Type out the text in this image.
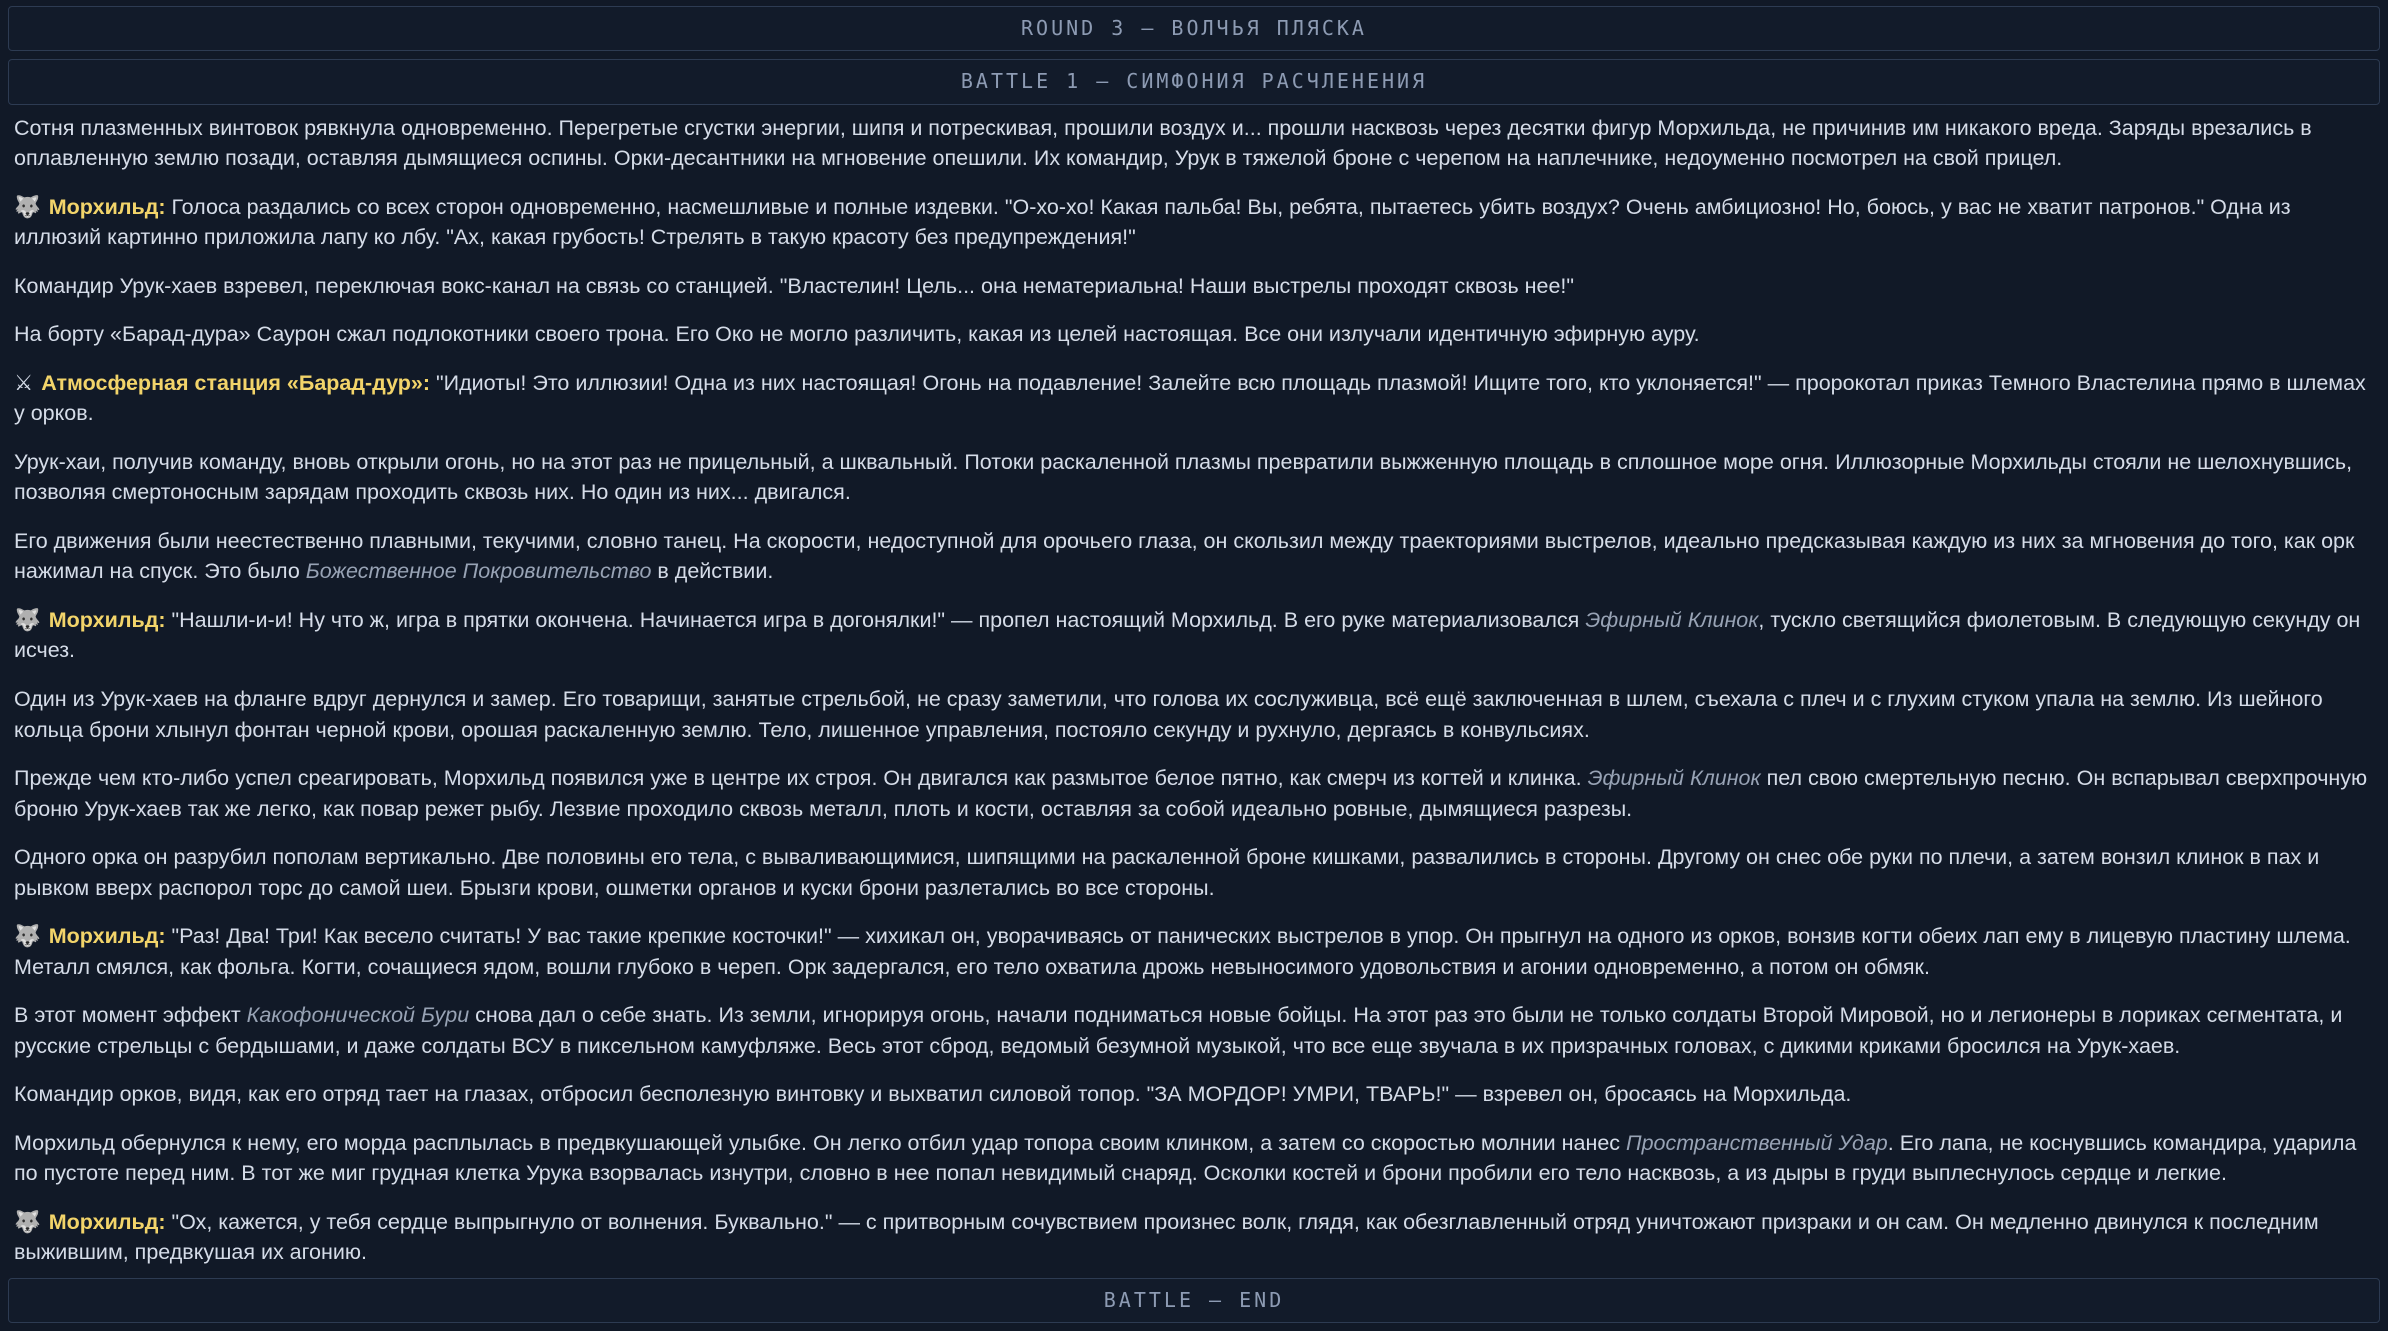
ROUND 3 — ВОЛЧЬЯ ПЛЯСКА
BATTLE 1 — СИМФОНИЯ РАСЧЛЕНЕНИЯ
Сотня плазменных винтовок рявкнула одновременно. Перегретые сгустки энергии, шипя и потрескивая, прошили воздух и... прошли насквозь через десятки фигур Морхильда, не причинив им никакого вреда. Заряды врезались в оплавленную землю позади, оставляя дымящиеся оспины. Орки-десантники на мгновение опешили. Их командир, Урук в тяжелой броне с черепом на наплечнике, недоуменно посмотрел на свой прицел.
🐺 Морхильд: Голоса раздались со всех сторон одновременно, насмешливые и полные издевки. "О-хо-хо! Какая пальба! Вы, ребята, пытаетесь убить воздух? Очень амбициозно! Но, боюсь, у вас не хватит патронов." Одна из иллюзий картинно приложила лапу ко лбу. "Ах, какая грубость! Стрелять в такую красоту без предупреждения!"
Командир Урук-хаев взревел, переключая вокс-канал на связь со станцией. "Властелин! Цель... она нематериальна! Наши выстрелы проходят сквозь нее!"
На борту «Барад-дура» Саурон сжал подлокотники своего трона. Его Око не могло различить, какая из целей настоящая. Все они излучали идентичную эфирную ауру.
⚔ Атмосферная станция «Барад-дур»: "Идиоты! Это иллюзии! Одна из них настоящая! Огонь на подавление! Залейте всю площадь плазмой! Ищите того, кто уклоняется!" — пророкотал приказ Темного Властелина прямо в шлемах у орков.
Урук-хаи, получив команду, вновь открыли огонь, но на этот раз не прицельный, а шквальный. Потоки раскаленной плазмы превратили выжженную площадь в сплошное море огня. Иллюзорные Морхильды стояли не шелохнувшись, позволяя смертоносным зарядам проходить сквозь них. Но один из них... двигался.
Его движения были неестественно плавными, текучими, словно танец. На скорости, недоступной для орочьего глаза, он скользил между траекториями выстрелов, идеально предсказывая каждую из них за мгновения до того, как орк нажимал на спуск. Это было Божественное Покровительство в действии.
🐺 Морхильд: "Нашли-и-и! Ну что ж, игра в прятки окончена. Начинается игра в догонялки!" — пропел настоящий Морхильд. В его руке материализовался Эфирный Клинок, тускло светящийся фиолетовым. В следующую секунду он исчез.
Один из Урук-хаев на фланге вдруг дернулся и замер. Его товарищи, занятые стрельбой, не сразу заметили, что голова их сослуживца, всё ещё заключенная в шлем, съехала с плеч и с глухим стуком упала на землю. Из шейного кольца брони хлынул фонтан черной крови, орошая раскаленную землю. Тело, лишенное управления, постояло секунду и рухнуло, дергаясь в конвульсиях.
Прежде чем кто-либо успел среагировать, Морхильд появился уже в центре их строя. Он двигался как размытое белое пятно, как смерч из когтей и клинка. Эфирный Клинок пел свою смертельную песню. Он вспарывал сверхпрочную броню Урук-хаев так же легко, как повар режет рыбу. Лезвие проходило сквозь металл, плоть и кости, оставляя за собой идеально ровные, дымящиеся разрезы.
Одного орка он разрубил пополам вертикально. Две половины его тела, с вываливающимися, шипящими на раскаленной броне кишками, развалились в стороны. Другому он снес обе руки по плечи, а затем вонзил клинок в пах и рывком вверх распорол торс до самой шеи. Брызги крови, ошметки органов и куски брони разлетались во все стороны.
🐺 Морхильд: "Раз! Два! Три! Как весело считать! У вас такие крепкие косточки!" — хихикал он, уворачиваясь от панических выстрелов в упор. Он прыгнул на одного из орков, вонзив когти обеих лап ему в лицевую пластину шлема. Металл смялся, как фольга. Когти, сочащиеся ядом, вошли глубоко в череп. Орк задергался, его тело охватила дрожь невыносимого удовольствия и агонии одновременно, а потом он обмяк.
В этот момент эффект Какофонической Бури снова дал о себе знать. Из земли, игнорируя огонь, начали подниматься новые бойцы. На этот раз это были не только солдаты Второй Мировой, но и легионеры в лориках сегментата, и русские стрельцы с бердышами, и даже солдаты ВСУ в пиксельном камуфляже. Весь этот сброд, ведомый безумной музыкой, что все еще звучала в их призрачных головах, с дикими криками бросился на Урук-хаев.
Командир орков, видя, как его отряд тает на глазах, отбросил бесполезную винтовку и выхватил силовой топор. "ЗА МОРДОР! УМРИ, ТВАРЬ!" — взревел он, бросаясь на Морхильда.
Морхильд обернулся к нему, его морда расплылась в предвкушающей улыбке. Он легко отбил удар топора своим клинком, а затем со скоростью молнии нанес Пространственный Удар. Его лапа, не коснувшись командира, ударила по пустоте перед ним. В тот же миг грудная клетка Урука взорвалась изнутри, словно в нее попал невидимый снаряд. Осколки костей и брони пробили его тело насквозь, а из дыры в груди выплеснулось сердце и легкие.
🐺 Морхильд: "Ох, кажется, у тебя сердце выпрыгнуло от волнения. Буквально." — с притворным сочувствием произнес волк, глядя, как обезглавленный отряд уничтожают призраки и он сам. Он медленно двинулся к последним выжившим, предвкушая их агонию.
BATTLE — END
